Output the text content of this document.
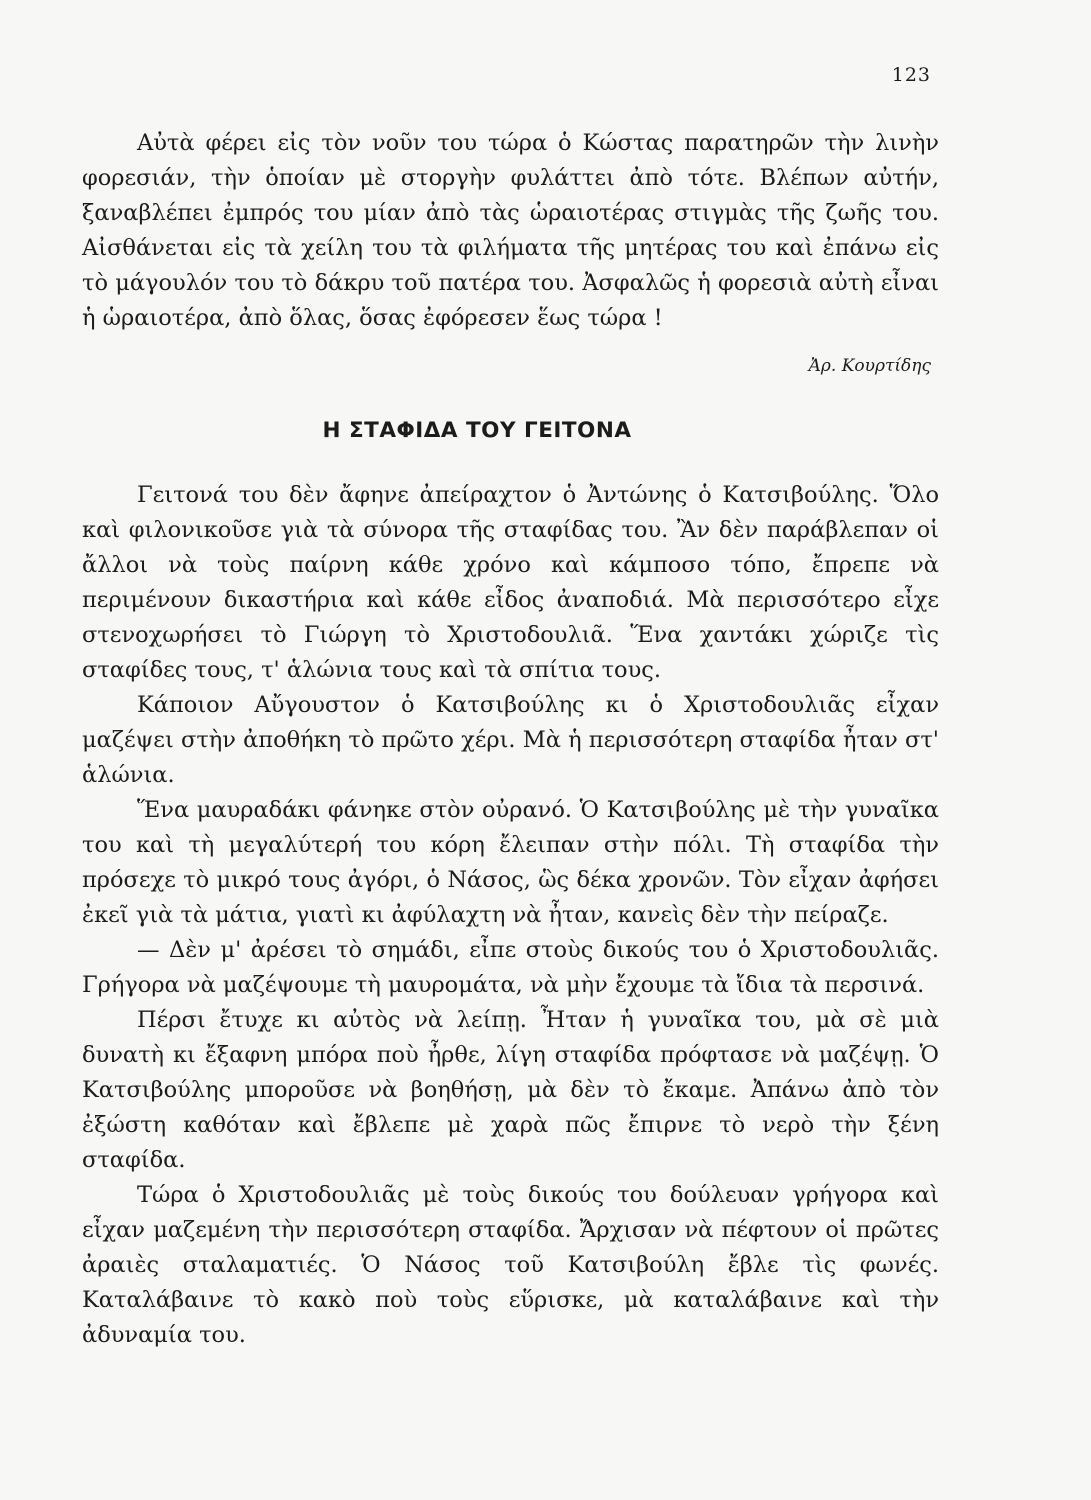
123

Αὐτὰ φέρει εἰς τὸν νοῦν του τώρα ὁ Κώστας παρατηρῶν τὴν λινὴν φορεσιάν, τὴν ὁποίαν μὲ στοργὴν φυλάττει ἀπὸ τότε. Βλέπων αὐτήν, ξαναβλέπει ἐμπρός του μίαν ἀπὸ τὰς ὡραιοτέρας στιγμὰς τῆς ζωῆς του. Αἰσθάνεται εἰς τὰ χείλη του τὰ φιλήματα τῆς μητέρας του καὶ ἐπάνω εἰς τὸ μάγουλόν του τὸ δάκρυ τοῦ πατέρα του. Ἀσφαλῶς ἡ φορεσιὰ αὐτὴ εἶναι ἡ ὡραιοτέρα, ἀπὸ ὅλας, ὅσας ἐφόρεσεν ἕως τώρα !

Ἀρ. Κουρτίδης
Η ΣΤΑΦΙΔΑ ΤΟΥ ΓΕΙΤΟΝΑ

Γειτονά του δὲν ἄφηνε ἀπείραχτον ὁ Ἀντώνης ὁ Κατσιβούλης. Ὅλο καὶ φιλονικοῦσε γιὰ τὰ σύνορα τῆς σταφίδας του. Ἂν δὲν παράβλεπαν οἱ ἄλλοι νὰ τοὺς παίρνη κάθε χρόνο καὶ κάμποσο τόπο, ἔπρεπε νὰ περιμένουν δικαστήρια καὶ κάθε εἶδος ἀναποδιά. Μὰ περισσότερο εἶχε στενοχωρήσει τὸ Γιώργη τὸ Χριστοδουλιᾶ. Ἕνα χαντάκι χώριζε τὶς σταφίδες τους, τ' ἁλώνια τους καὶ τὰ σπίτια τους.

Κάποιον Αὔγουστον ὁ Κατσιβούλης κι ὁ Χριστοδουλιᾶς εἶχαν μαζέψει στὴν ἀποθήκη τὸ πρῶτο χέρι. Μὰ ἡ περισσότερη σταφίδα ἦταν στ' ἁλώνια.

Ἕνα μαυραδάκι φάνηκε στὸν οὐρανό. Ὁ Κατσιβούλης μὲ τὴν γυναῖκα του καὶ τὴ μεγαλύτερή του κόρη ἔλειπαν στὴν πόλι. Τὴ σταφίδα τὴν πρόσεχε τὸ μικρό τους ἀγόρι, ὁ Νάσος, ὣς δέκα χρονῶν. Τὸν εἶχαν ἀφήσει ἐκεῖ γιὰ τὰ μάτια, γιατὶ κι ἀφύλαχτη νὰ ἦταν, κανεὶς δὲν τὴν πείραζε.

— Δὲν μ' ἀρέσει τὸ σημάδι, εἶπε στοὺς δικούς του ὁ Χριστοδουλιᾶς. Γρήγορα νὰ μαζέψουμε τὴ μαυρομάτα, νὰ μὴν ἔχουμε τὰ ἴδια τὰ περσινά.

Πέρσι ἔτυχε κι αὐτὸς νὰ λείπῃ. Ἦταν ἡ γυναῖκα του, μὰ σὲ μιὰ δυνατὴ κι ἔξαφνη μπόρα ποὺ ἦρθε, λίγη σταφίδα πρόφτασε νὰ μαζέψῃ. Ὁ Κατσιβούλης μποροῦσε νὰ βοηθήσῃ, μὰ δὲν τὸ ἔκαμε. Ἀπάνω ἀπὸ τὸν ἐξώστη καθόταν καὶ ἔβλεπε μὲ χαρὰ πῶς ἔπιρνε τὸ νερὸ τὴν ξένη σταφίδα.

Τώρα ὁ Χριστοδουλιᾶς μὲ τοὺς δικούς του δούλευαν γρήγορα καὶ εἶχαν μαζεμένη τὴν περισσότερη σταφίδα. Ἄρχισαν νὰ πέφτουν οἱ πρῶτες ἀραιὲς σταλαματιές. Ὁ Νάσος τοῦ Κατσιβούλη ἔβλε τὶς φωνές. Καταλάβαινε τὸ κακὸ ποὺ τοὺς εὕρισκε, μὰ καταλάβαινε καὶ τὴν ἀδυναμία του.
